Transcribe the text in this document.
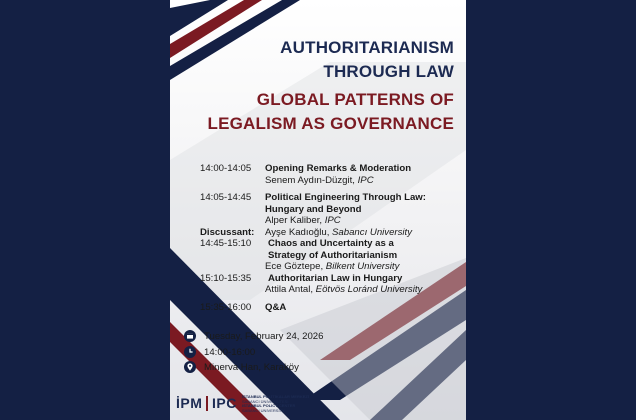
AUTHORITARIANISM
THROUGH LAW
GLOBAL PATTERNS OF
LEGALISM AS GOVERNANCE
14:00-14:05 Opening Remarks & Moderation
Senem Aydın-Düzgit, IPC
14:05-14:45 Political Engineering Through Law:
Hungary and Beyond
Alper Kaliber, IPC
Discussant: Ayşe Kadıoğlu, Sabancı University
14:45-15:10 Chaos and Uncertainty as a
Strategy of Authoritarianism
Ece Göztepe, Bilkent University
15:10-15:35 Authoritarian Law in Hungary
Attila Antal, Eötvös Loránd University
15:35-16:00 Q&A
Tuesday, February 24, 2026
14:00-16:00
Minerva Han, Karaköy
İPM IPC İSTANBUL POLİTİKALAR MERKEZİ
SABANCI ÜNİVERSİTESİ
ISTANBUL POLICY CENTER
SABANCI UNIVERSITY
